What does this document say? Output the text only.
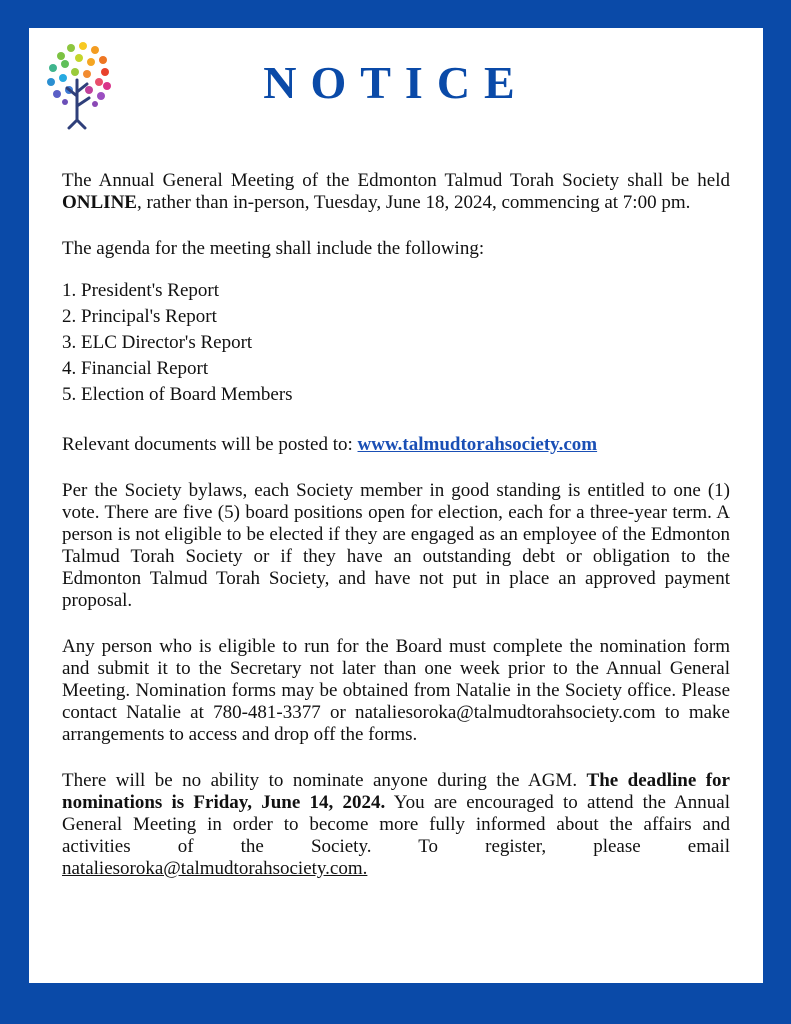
NOTICE

The Annual General Meeting of the Edmonton Talmud Torah Society shall be held ONLINE, rather than in-person, Tuesday, June 18, 2024, commencing at 7:00 pm.

The agenda for the meeting shall include the following:

1. President's Report
2. Principal's Report
3. ELC Director's Report
4. Financial Report
5. Election of Board Members

Relevant documents will be posted to: www.talmudtorahsociety.com

Per the Society bylaws, each Society member in good standing is entitled to one (1) vote. There are five (5) board positions open for election, each for a three-year term. A person is not eligible to be elected if they are engaged as an employee of the Edmonton Talmud Torah Society or if they have an outstanding debt or obligation to the Edmonton Talmud Torah Society, and have not put in place an approved payment proposal.

Any person who is eligible to run for the Board must complete the nomination form and submit it to the Secretary not later than one week prior to the Annual General Meeting. Nomination forms may be obtained from Natalie in the Society office. Please contact Natalie at 780-481-3377 or nataliesoroka@talmudtorahsociety.com to make arrangements to access and drop off the forms.

There will be no ability to nominate anyone during the AGM. The deadline for nominations is Friday, June 14, 2024. You are encouraged to attend the Annual General Meeting in order to become more fully informed about the affairs and activities of the Society. To register, please email nataliesoroka@talmudtorahsociety.com.
